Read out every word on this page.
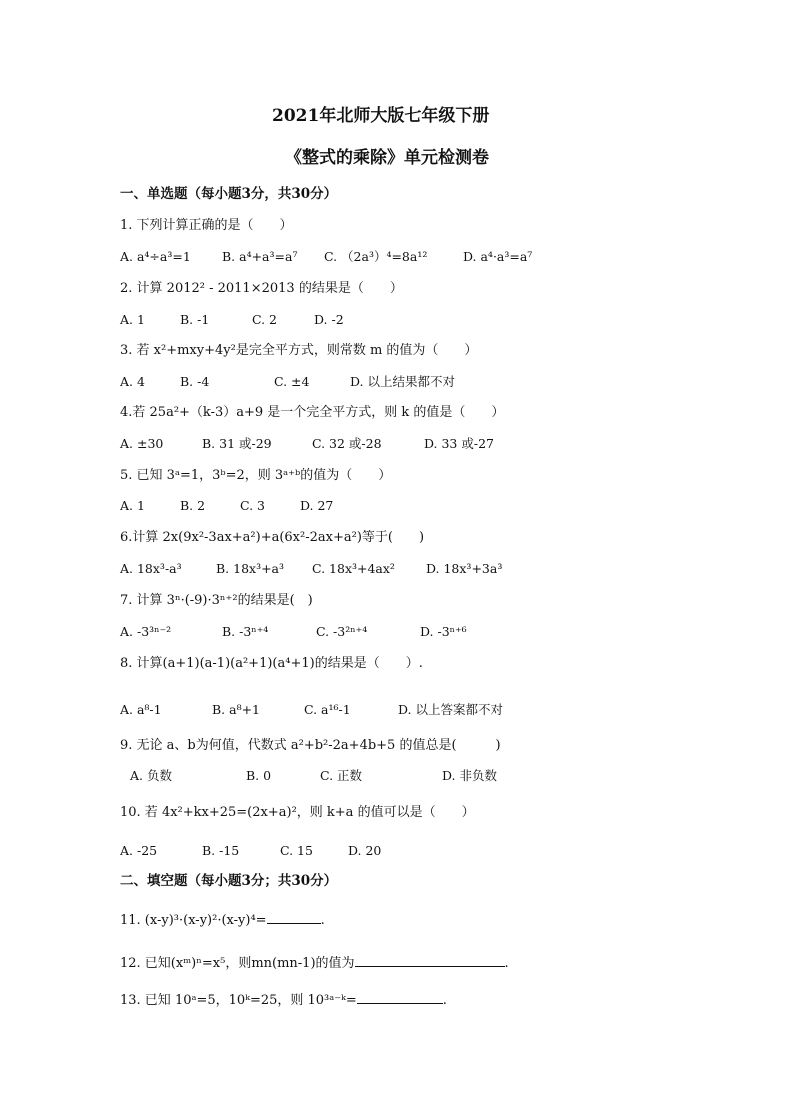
2021年北师大版七年级下册
《整式的乘除》单元检测卷
一、单选题（每小题3分，共30分）
1. 下列计算正确的是（　　）
A. a⁴÷a³=1 B. a⁴+a³=a⁷ C. （2a³）⁴=8a¹²	D. a⁴·a³=a⁷
2. 计算 2012² - 2011×2013 的结果是（　　）
A. 1	B. -1	C. 2	D. -2
3. 若 x²+mxy+4y²是完全平方式，则常数 m 的值为（　　）
A. 4	B. -4	C. ±4	D. 以上结果都不对
4.若 25a²+（k-3）a+9 是一个完全平方式，则 k 的值是（　　）
A. ±30	B. 31 或-29	C. 32 或-28	D. 33 或-27
5. 已知 3ᵃ=1，3ᵇ=2，则 3ᵃ⁺ᵇ的值为（　　）
A. 1	B. 2	C. 3	D. 27
6.计算 2x(9x²-3ax+a²)+a(6x²-2ax+a²)等于(　　)
A. 18x³-a³	B. 18x³+a³ C. 18x³+4ax² D. 18x³+3a³
7. 计算 3ⁿ·(-9)·3ⁿ⁺²的结果是(　)
A. -3³ⁿ⁻²	B. -3ⁿ⁺⁴	C. -3²ⁿ⁺⁴	D. -3ⁿ⁺⁶
8. 计算(a+1)(a-1)(a²+1)(a⁴+1)的结果是（　　）.
A. a⁸-1	B. a⁸+1	C. a¹⁶-1	D. 以上答案都不对
9. 无论 a、b为何值，代数式 a²+b²-2a+4b+5 的值总是(　　　)
A. 负数	B. 0	C. 正数	D. 非负数
10. 若 4x²+kx+25=(2x+a)²，则 k+a 的值可以是（　　）
A. -25	B. -15	C. 15	D. 20
二、填空题（每小题3分；共30分）
11. (x-y)³·(x-y)²·(x-y)⁴=	.
12. 已知(xᵐ)ⁿ=x⁵，则mn(mn-1)的值为	.
13. 已知 10ᵃ=5，10ᵏ=25，则 10³ᵃ⁻ᵏ=	.
